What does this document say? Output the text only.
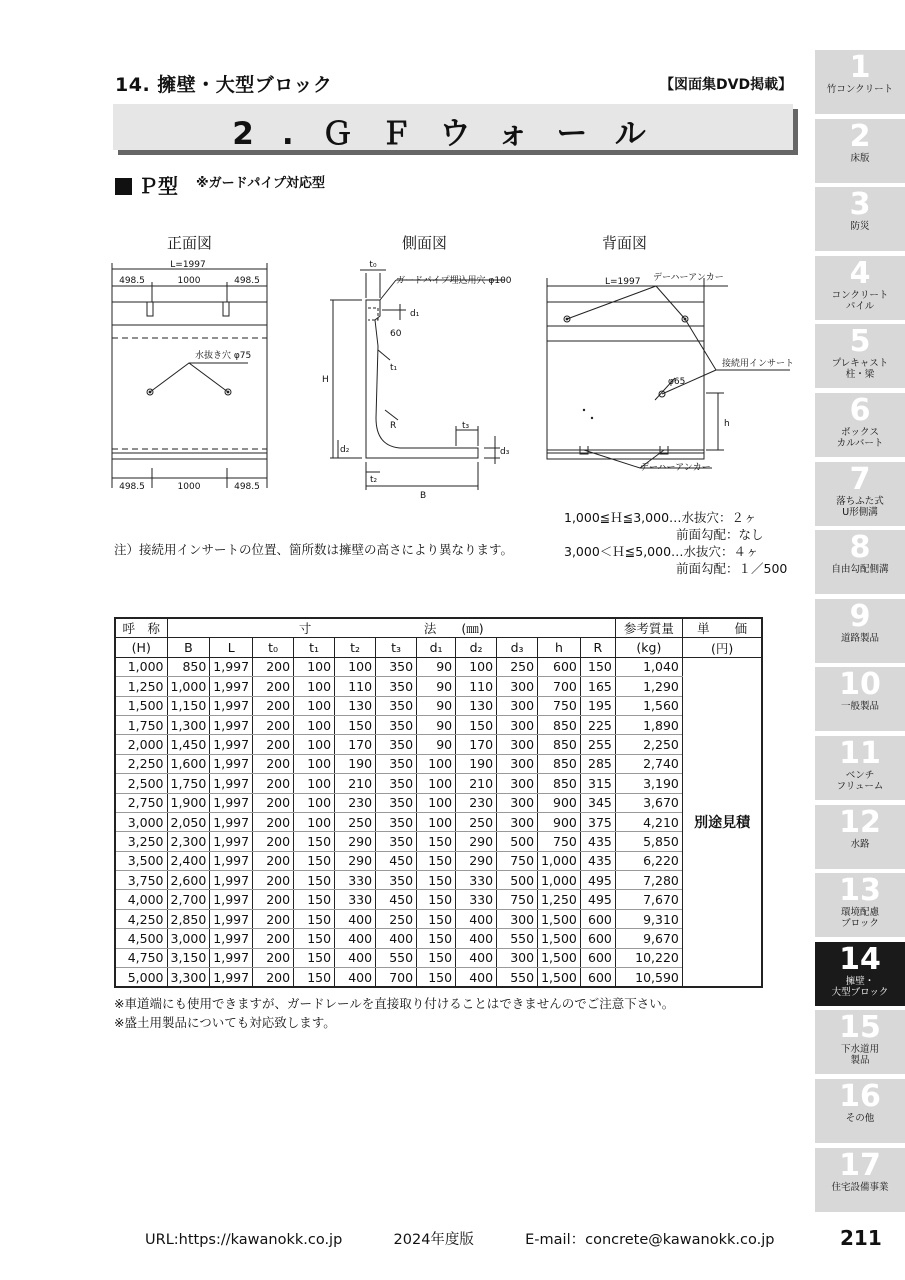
14. 擁壁・大型ブロック	【図面集DVD掲載】
2.ＧＦウォール
Ｐ型 $^{※ガードパイプ対応型}$
正面図	側面図	背面図
L=1997
498.5	1000	498.5
水抜き穴 φ75
498.5	1000	498.5
t₀
ガードパイプ埋込用穴 φ100
d₁
60
t₁
H
R	t₃
d₂	d₃
t₂
B
L=1997 デーハーアンカー
接続用インサート
φ65
h
デーハーアンカー
注）接続用インサートの位置、箇所数は擁壁の高さにより異なります。
1,000≦Ｈ≦3,000…水抜穴：２ヶ
前面勾配：なし
3,000＜Ｈ≦5,000…水抜穴：４ヶ
前面勾配：１／500
呼　称	寸　　　　　　　　　法　　(㎜)											参考質量	単　　価
(H)	B	L	t₀	t₁	t₂	t₃	d₁	d₂	d₃	h	R	(kg)	(円)
1,000	850	1,997	200	100	100	350	90	100	250	600	150	1,040	別途見積
1,250	1,000	1,997	200	100	110	350	90	110	300	700	165	1,290	
1,500	1,150	1,997	200	100	130	350	90	130	300	750	195	1,560	
1,750	1,300	1,997	200	100	150	350	90	150	300	850	225	1,890	
2,000	1,450	1,997	200	100	170	350	90	170	300	850	255	2,250	
2,250	1,600	1,997	200	100	190	350	100	190	300	850	285	2,740	
2,500	1,750	1,997	200	100	210	350	100	210	300	850	315	3,190	
2,750	1,900	1,997	200	100	230	350	100	230	300	900	345	3,670	
3,000	2,050	1,997	200	100	250	350	100	250	300	900	375	4,210	
3,250	2,300	1,997	200	150	290	350	150	290	500	750	435	5,850	
3,500	2,400	1,997	200	150	290	450	150	290	750	1,000	435	6,220	
3,750	2,600	1,997	200	150	330	350	150	330	500	1,000	495	7,280	
4,000	2,700	1,997	200	150	330	450	150	330	750	1,250	495	7,670	
4,250	2,850	1,997	200	150	400	250	150	400	300	1,500	600	9,310	
4,500	3,000	1,997	200	150	400	400	150	400	550	1,500	600	9,670	
4,750	3,150	1,997	200	150	400	550	150	400	300	1,500	600	10,220	
5,000	3,300	1,997	200	150	400	700	150	400	550	1,500	600	10,590	
※車道端にも使用できますが、ガードレールを直接取り付けることはできませんのでご注意下さい。
※盛土用製品についても対応致します。
1
竹コンクリート
2
床版
3
防災
4
コンクリート
パイル
5
プレキャスト
柱・梁
6
ボックス
カルバート
7
落ちふた式
U形側溝
8
自由勾配側溝
9
道路製品
10
一般製品
11
ベンチ
フリューム
12
水路
13
環境配慮
ブロック
14
擁壁・
大型ブロック
15
下水道用
製品
16
その他
17
住宅設備事業
URL:https://kawanokk.co.jp	2024年度版	E-mail：concrete@kawanokk.co.jp	211
